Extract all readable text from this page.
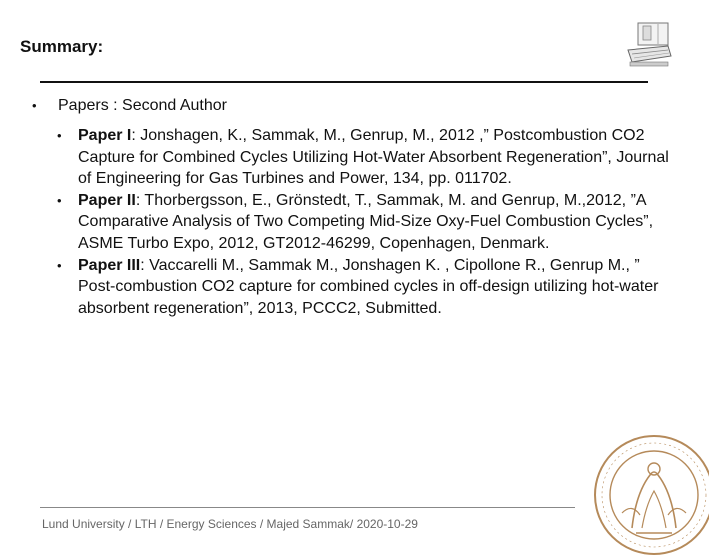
Summary:
• Papers : Second Author
• Paper I: Jonshagen, K., Sammak, M., Genrup, M., 2012 ,” Postcombustion CO2 Capture for Combined Cycles Utilizing Hot-Water Absorbent Regeneration”, Journal of Engineering for Gas Turbines and Power, 134, pp. 011702.
• Paper II: Thorbergsson, E., Grönstedt, T., Sammak, M. and Genrup, M.,2012, ”A Comparative Analysis of Two Competing Mid-Size Oxy-Fuel Combustion Cycles”, ASME Turbo Expo, 2012, GT2012-46299, Copenhagen, Denmark.
• Paper III: Vaccarelli M., Sammak M., Jonshagen K. , Cipollone R., Genrup M., ” Post-combustion CO2 capture for combined cycles in off-design utilizing hot-water absorbent regeneration”, 2013, PCCC2, Submitted.
Lund University / LTH / Energy Sciences / Majed Sammak/ 2020-10-29
